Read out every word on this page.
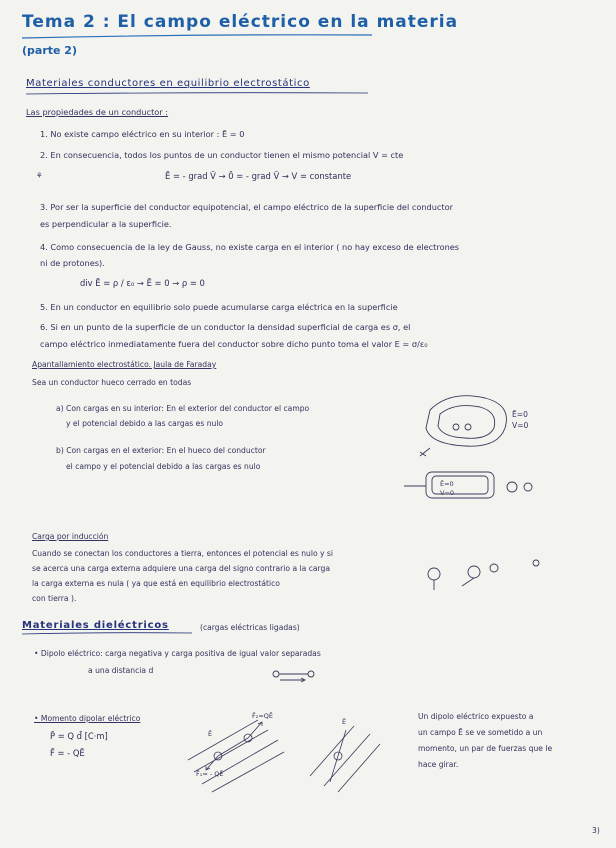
Tema 2 : El campo eléctrico en la materia
(parte 2)
Materiales conductores en equilibrio electrostático
Las propiedades de un conductor :
1. No existe campo eléctrico en su interior : Ē = 0
2. En consecuencia, todos los puntos de un conductor tienen el mismo potencial V = cte
⚘	Ē = - grad V̄ → 0̄ = - grad V̄ → V = constante
3. Por ser la superficie del conductor equipotencial, el campo eléctrico de la superficie del conductor
es perpendicular a la superficie.
4. Como consecuencia de la ley de Gauss, no existe carga en el interior ( no hay exceso de electrones
ni de protones).
div Ē = ρ / ε₀ → Ē = 0 → ρ = 0
5. En un conductor en equilibrio solo puede acumularse carga eléctrica en la superficie
6. Si en un punto de la superficie de un conductor la densidad superficial de carga es σ, el
campo eléctrico inmediatamente fuera del conductor sobre dicho punto toma el valor E = σ/ε₀
Apantallamiento electrostático. Jaula de Faraday
Sea un conductor hueco cerrado en todas
a) Con cargas en su interior: En el exterior del conductor el campo
y el potencial debido a las cargas es nulo
b) Con cargas en el exterior: En el hueco del conductor
el campo y el potencial debido a las cargas es nulo
Ē=0
V=0
Ē=0
V=0
Carga por inducción
Cuando se conectan los conductores a tierra, entonces el potencial es nulo y si
se acerca una carga externa adquiere una carga del signo contrario a la carga
la carga externa es nula ( ya que está en equilibrio electrostático
con tierra ).
Materiales dieléctricos	(cargas eléctricas ligadas)
• Dipolo eléctrico: carga negativa y carga positiva de igual valor separadas
a una distancia d
• Momento dipolar eléctrico
P̄ = Q d̄ [C·m]
F̄ = - QĒ
F̄₂=QĒ
F̄₁= - QĒ
Ē
Ē
Un dipolo eléctrico expuesto a
un campo Ē se ve sometido a un
momento, un par de fuerzas que le
hace girar.
3)
